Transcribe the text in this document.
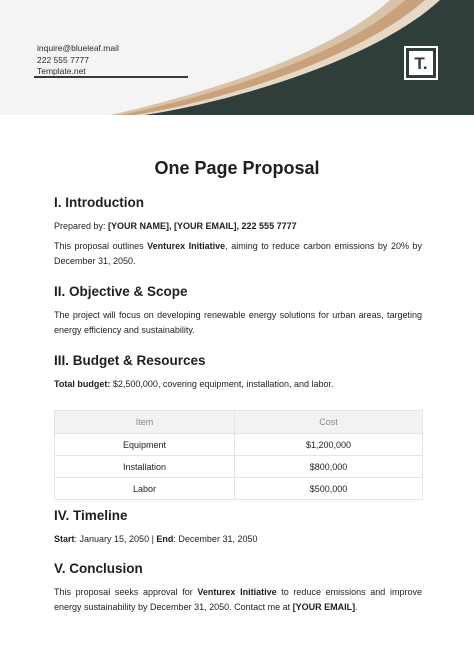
inquire@blueleaf.mail
222 555 7777
Template.net	T.
One Page Proposal
I. Introduction

Prepared by: [YOUR NAME], [YOUR EMAIL], 222 555 7777

This proposal outlines Venturex Initiative, aiming to reduce carbon emissions by 20% by December 31, 2050.

II. Objective & Scope

The project will focus on developing renewable energy solutions for urban areas, targeting energy efficiency and sustainability.

III. Budget & Resources

Total budget: $2,500,000, covering equipment, installation, and labor.

Item	Cost
Equipment	$1,200,000
Installation	$800,000
Labor	$500,000
IV. Timeline

Start: January 15, 2050 | End: December 31, 2050

V. Conclusion

This proposal seeks approval for Venturex Initiative to reduce emissions and improve energy sustainability by December 31, 2050. Contact me at [YOUR EMAIL].
